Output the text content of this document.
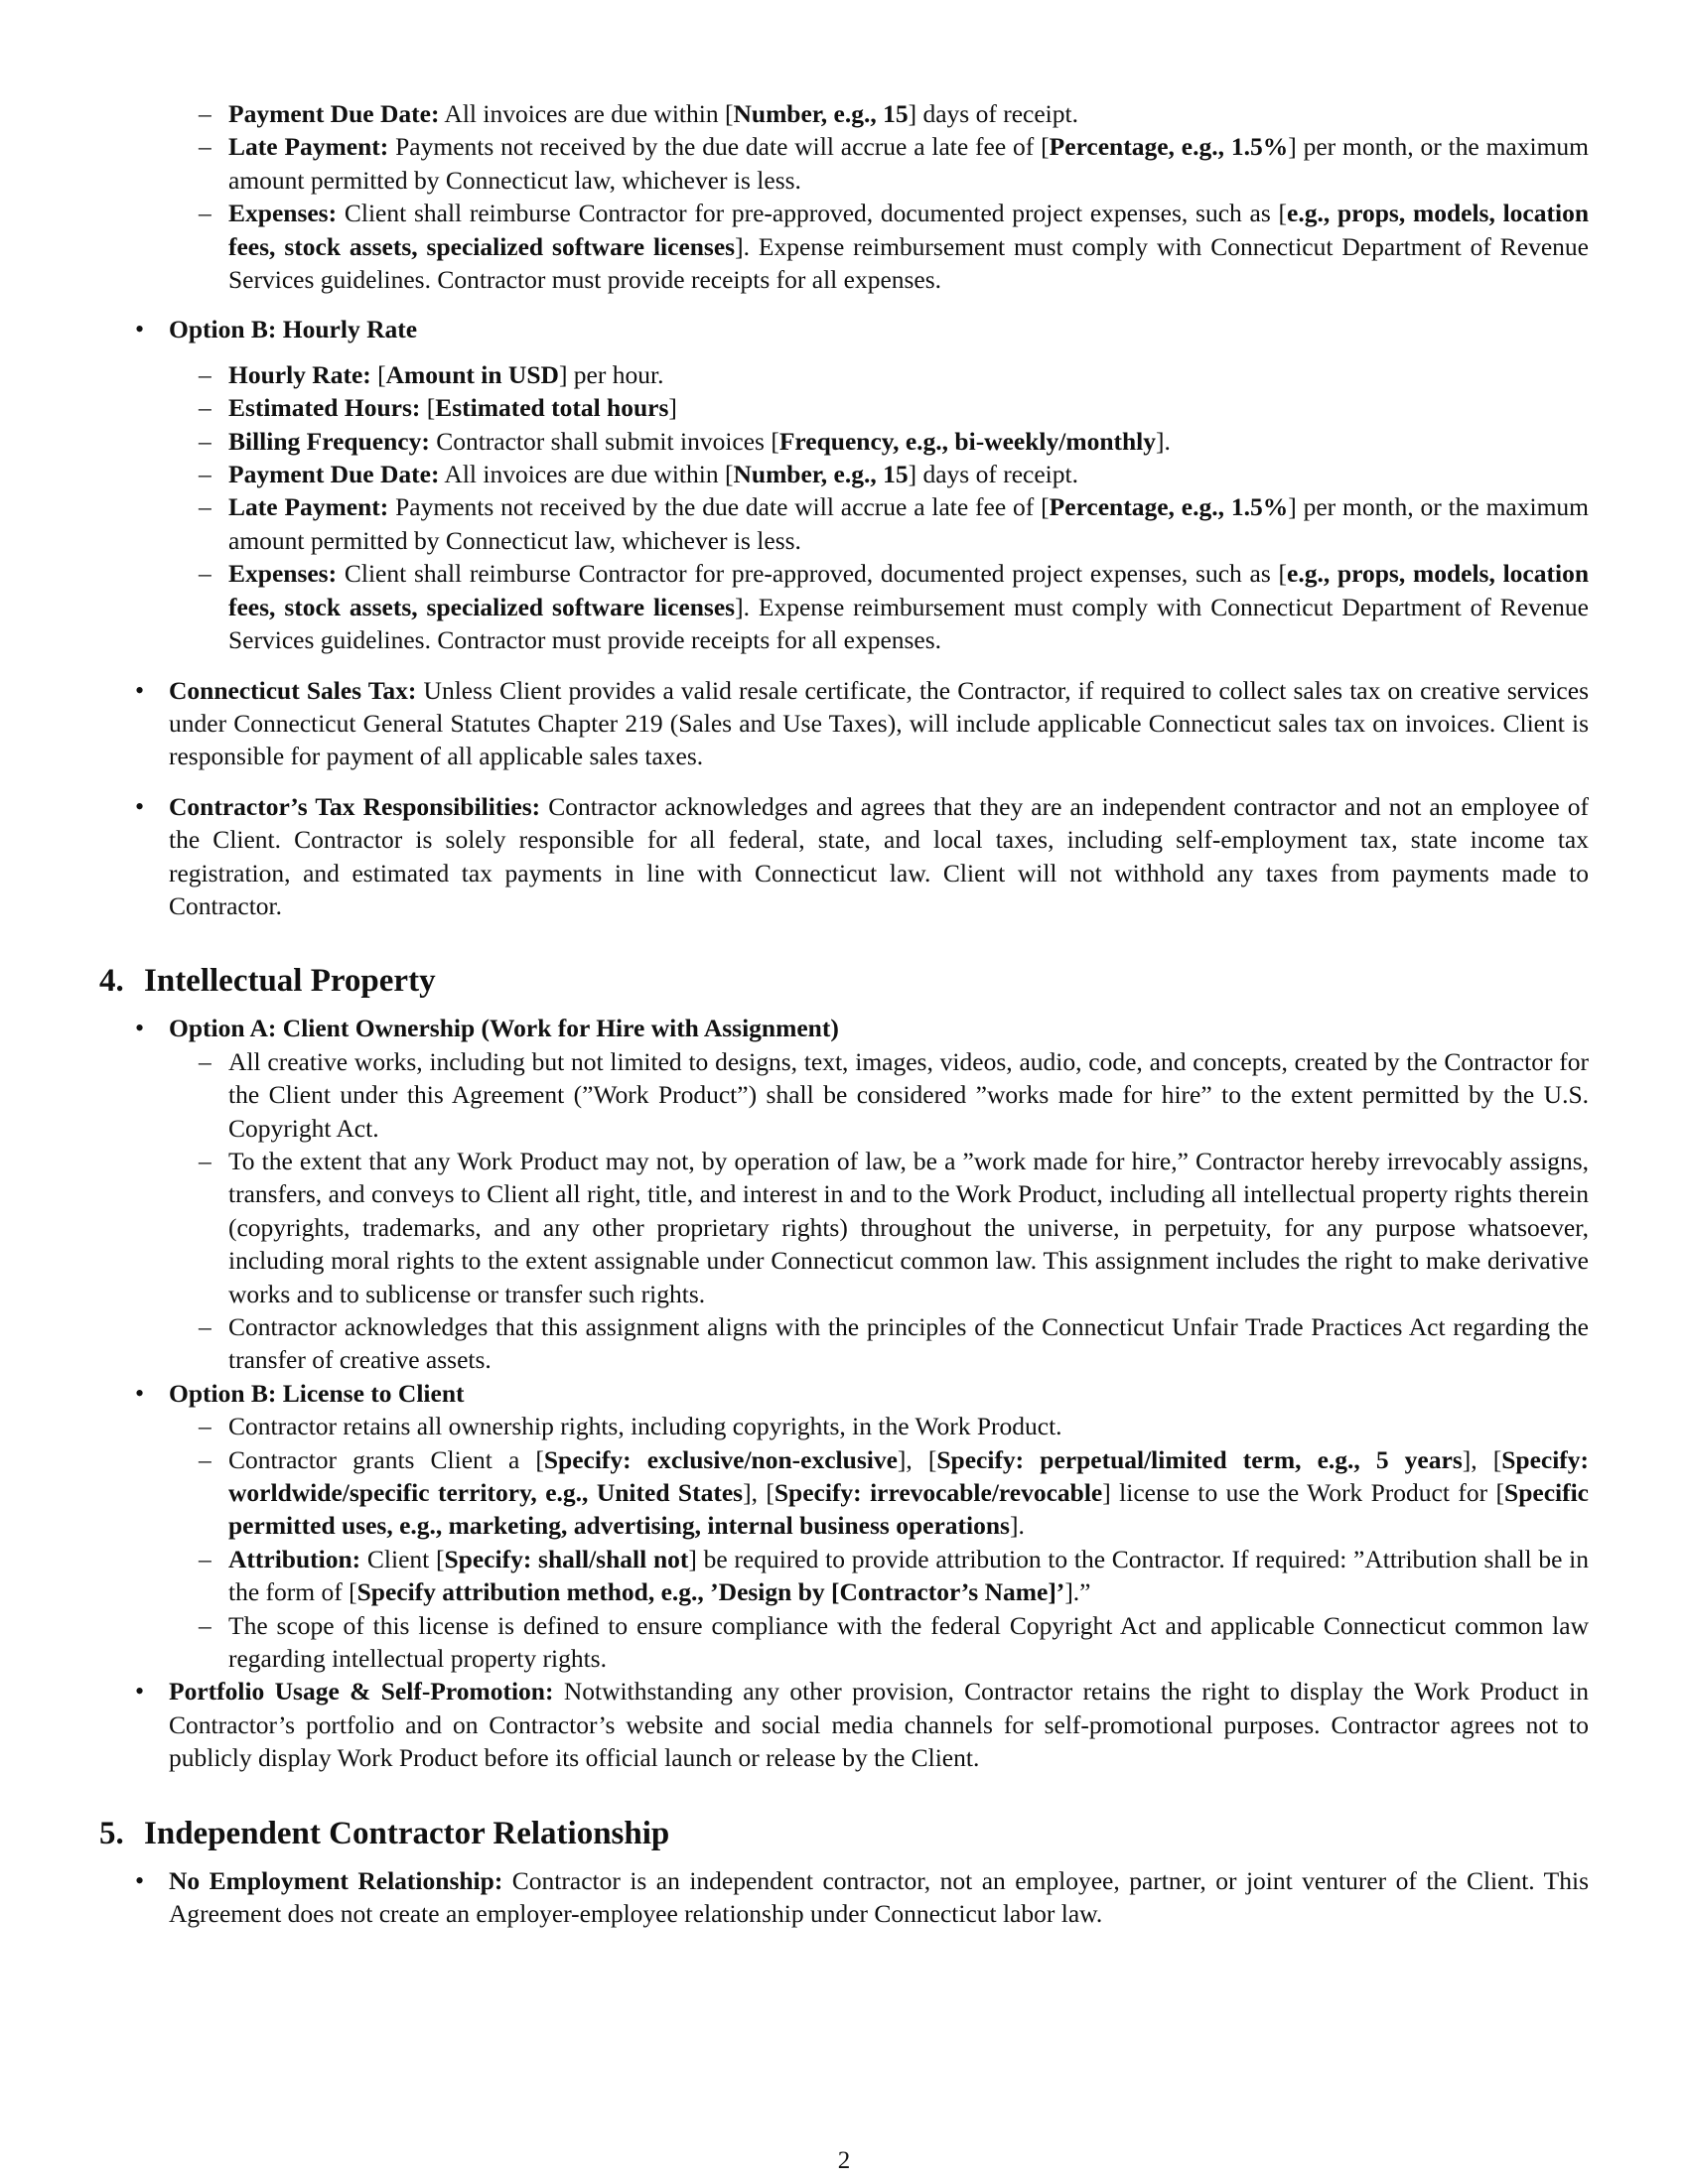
– Payment Due Date: All invoices are due within [Number, e.g., 15] days of receipt.
– Late Payment: Payments not received by the due date will accrue a late fee of [Percentage, e.g., 1.5%] per month, or the maximum amount permitted by Connecticut law, whichever is less.
– Expenses: Client shall reimburse Contractor for pre-approved, documented project expenses, such as [e.g., props, models, location fees, stock assets, specialized software licenses]. Expense reimbursement must comply with Connecticut Department of Revenue Services guidelines. Contractor must provide receipts for all expenses.
• Option B: Hourly Rate
– Hourly Rate: [Amount in USD] per hour.
– Estimated Hours: [Estimated total hours]
– Billing Frequency: Contractor shall submit invoices [Frequency, e.g., bi-weekly/monthly].
– Payment Due Date: All invoices are due within [Number, e.g., 15] days of receipt.
– Late Payment: Payments not received by the due date will accrue a late fee of [Percentage, e.g., 1.5%] per month, or the maximum amount permitted by Connecticut law, whichever is less.
– Expenses: Client shall reimburse Contractor for pre-approved, documented project expenses, such as [e.g., props, models, location fees, stock assets, specialized software licenses]. Expense reimbursement must comply with Connecticut Department of Revenue Services guidelines. Contractor must provide receipts for all expenses.
• Connecticut Sales Tax: Unless Client provides a valid resale certificate, the Contractor, if required to collect sales tax on creative services under Connecticut General Statutes Chapter 219 (Sales and Use Taxes), will include applicable Connecticut sales tax on invoices. Client is responsible for payment of all applicable sales taxes.
• Contractor’s Tax Responsibilities: Contractor acknowledges and agrees that they are an independent contractor and not an employee of the Client. Contractor is solely responsible for all federal, state, and local taxes, including self-employment tax, state income tax registration, and estimated tax payments in line with Connecticut law. Client will not withhold any taxes from payments made to Contractor.
4. Intellectual Property
• Option A: Client Ownership (Work for Hire with Assignment)
– All creative works, including but not limited to designs, text, images, videos, audio, code, and concepts, created by the Contractor for the Client under this Agreement (”Work Product”) shall be considered ”works made for hire” to the extent permitted by the U.S. Copyright Act.
– To the extent that any Work Product may not, by operation of law, be a ”work made for hire,” Contractor hereby irrevocably assigns, transfers, and conveys to Client all right, title, and interest in and to the Work Product, including all intellectual property rights therein (copyrights, trademarks, and any other proprietary rights) throughout the universe, in perpetuity, for any purpose whatsoever, including moral rights to the extent assignable under Connecticut common law. This assignment includes the right to make derivative works and to sublicense or transfer such rights.
– Contractor acknowledges that this assignment aligns with the principles of the Connecticut Unfair Trade Practices Act regarding the transfer of creative assets.
• Option B: License to Client
– Contractor retains all ownership rights, including copyrights, in the Work Product.
– Contractor grants Client a [Specify: exclusive/non-exclusive], [Specify: perpetual/limited term, e.g., 5 years], [Specify: worldwide/specific territory, e.g., United States], [Specify: irrevocable/revocable] license to use the Work Product for [Specific permitted uses, e.g., marketing, advertising, internal business operations].
– Attribution: Client [Specify: shall/shall not] be required to provide attribution to the Contractor. If required: ”Attribution shall be in the form of [Specify attribution method, e.g., ’Design by [Contractor’s Name]’].”
– The scope of this license is defined to ensure compliance with the federal Copyright Act and applicable Connecticut common law regarding intellectual property rights.
• Portfolio Usage & Self-Promotion: Notwithstanding any other provision, Contractor retains the right to display the Work Product in Contractor’s portfolio and on Contractor’s website and social media channels for self-promotional purposes. Contractor agrees not to publicly display Work Product before its official launch or release by the Client.
5. Independent Contractor Relationship
• No Employment Relationship: Contractor is an independent contractor, not an employee, partner, or joint venturer of the Client. This Agreement does not create an employer-employee relationship under Connecticut labor law.
2
